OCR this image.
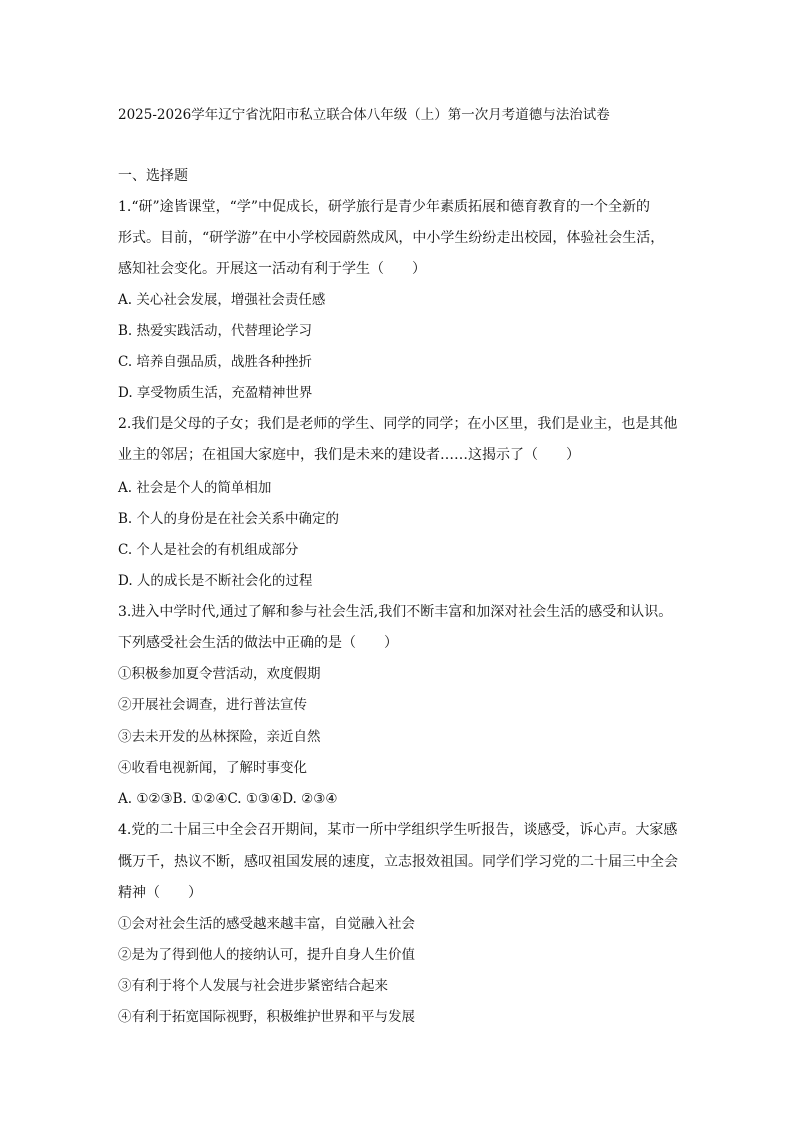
2025-2026学年辽宁省沈阳市私立联合体八年级（上）第一次月考道德与法治试卷
一、选择题
1.“研”途皆课堂，“学”中促成长，研学旅行是青少年素质拓展和德育教育的一个全新的
形式。目前，“研学游”在中小学校园蔚然成风，中小学生纷纷走出校园，体验社会生活，
感知社会变化。开展这一活动有利于学生（　　）
A. 关心社会发展，增强社会责任感
B. 热爱实践活动，代替理论学习
C. 培养自强品质，战胜各种挫折
D. 享受物质生活，充盈精神世界
2.我们是父母的子女；我们是老师的学生、同学的同学；在小区里，我们是业主，也是其他
业主的邻居；在祖国大家庭中，我们是未来的建设者……这揭示了（　　）
A. 社会是个人的简单相加
B. 个人的身份是在社会关系中确定的
C. 个人是社会的有机组成部分
D. 人的成长是不断社会化的过程
3.进入中学时代,通过了解和参与社会生活,我们不断丰富和加深对社会生活的感受和认识。
下列感受社会生活的做法中正确的是（　　）
①积极参加夏令营活动，欢度假期
②开展社会调查，进行普法宣传
③去未开发的丛林探险，亲近自然
④收看电视新闻，了解时事变化
A. ①②③B. ①②④C. ①③④D. ②③④
4.党的二十届三中全会召开期间，某市一所中学组织学生听报告，谈感受，诉心声。大家感
慨万千，热议不断，感叹祖国发展的速度，立志报效祖国。同学们学习党的二十届三中全会
精神（　　）
①会对社会生活的感受越来越丰富，自觉融入社会
②是为了得到他人的接纳认可，提升自身人生价值
③有利于将个人发展与社会进步紧密结合起来
④有利于拓宽国际视野，积极维护世界和平与发展
